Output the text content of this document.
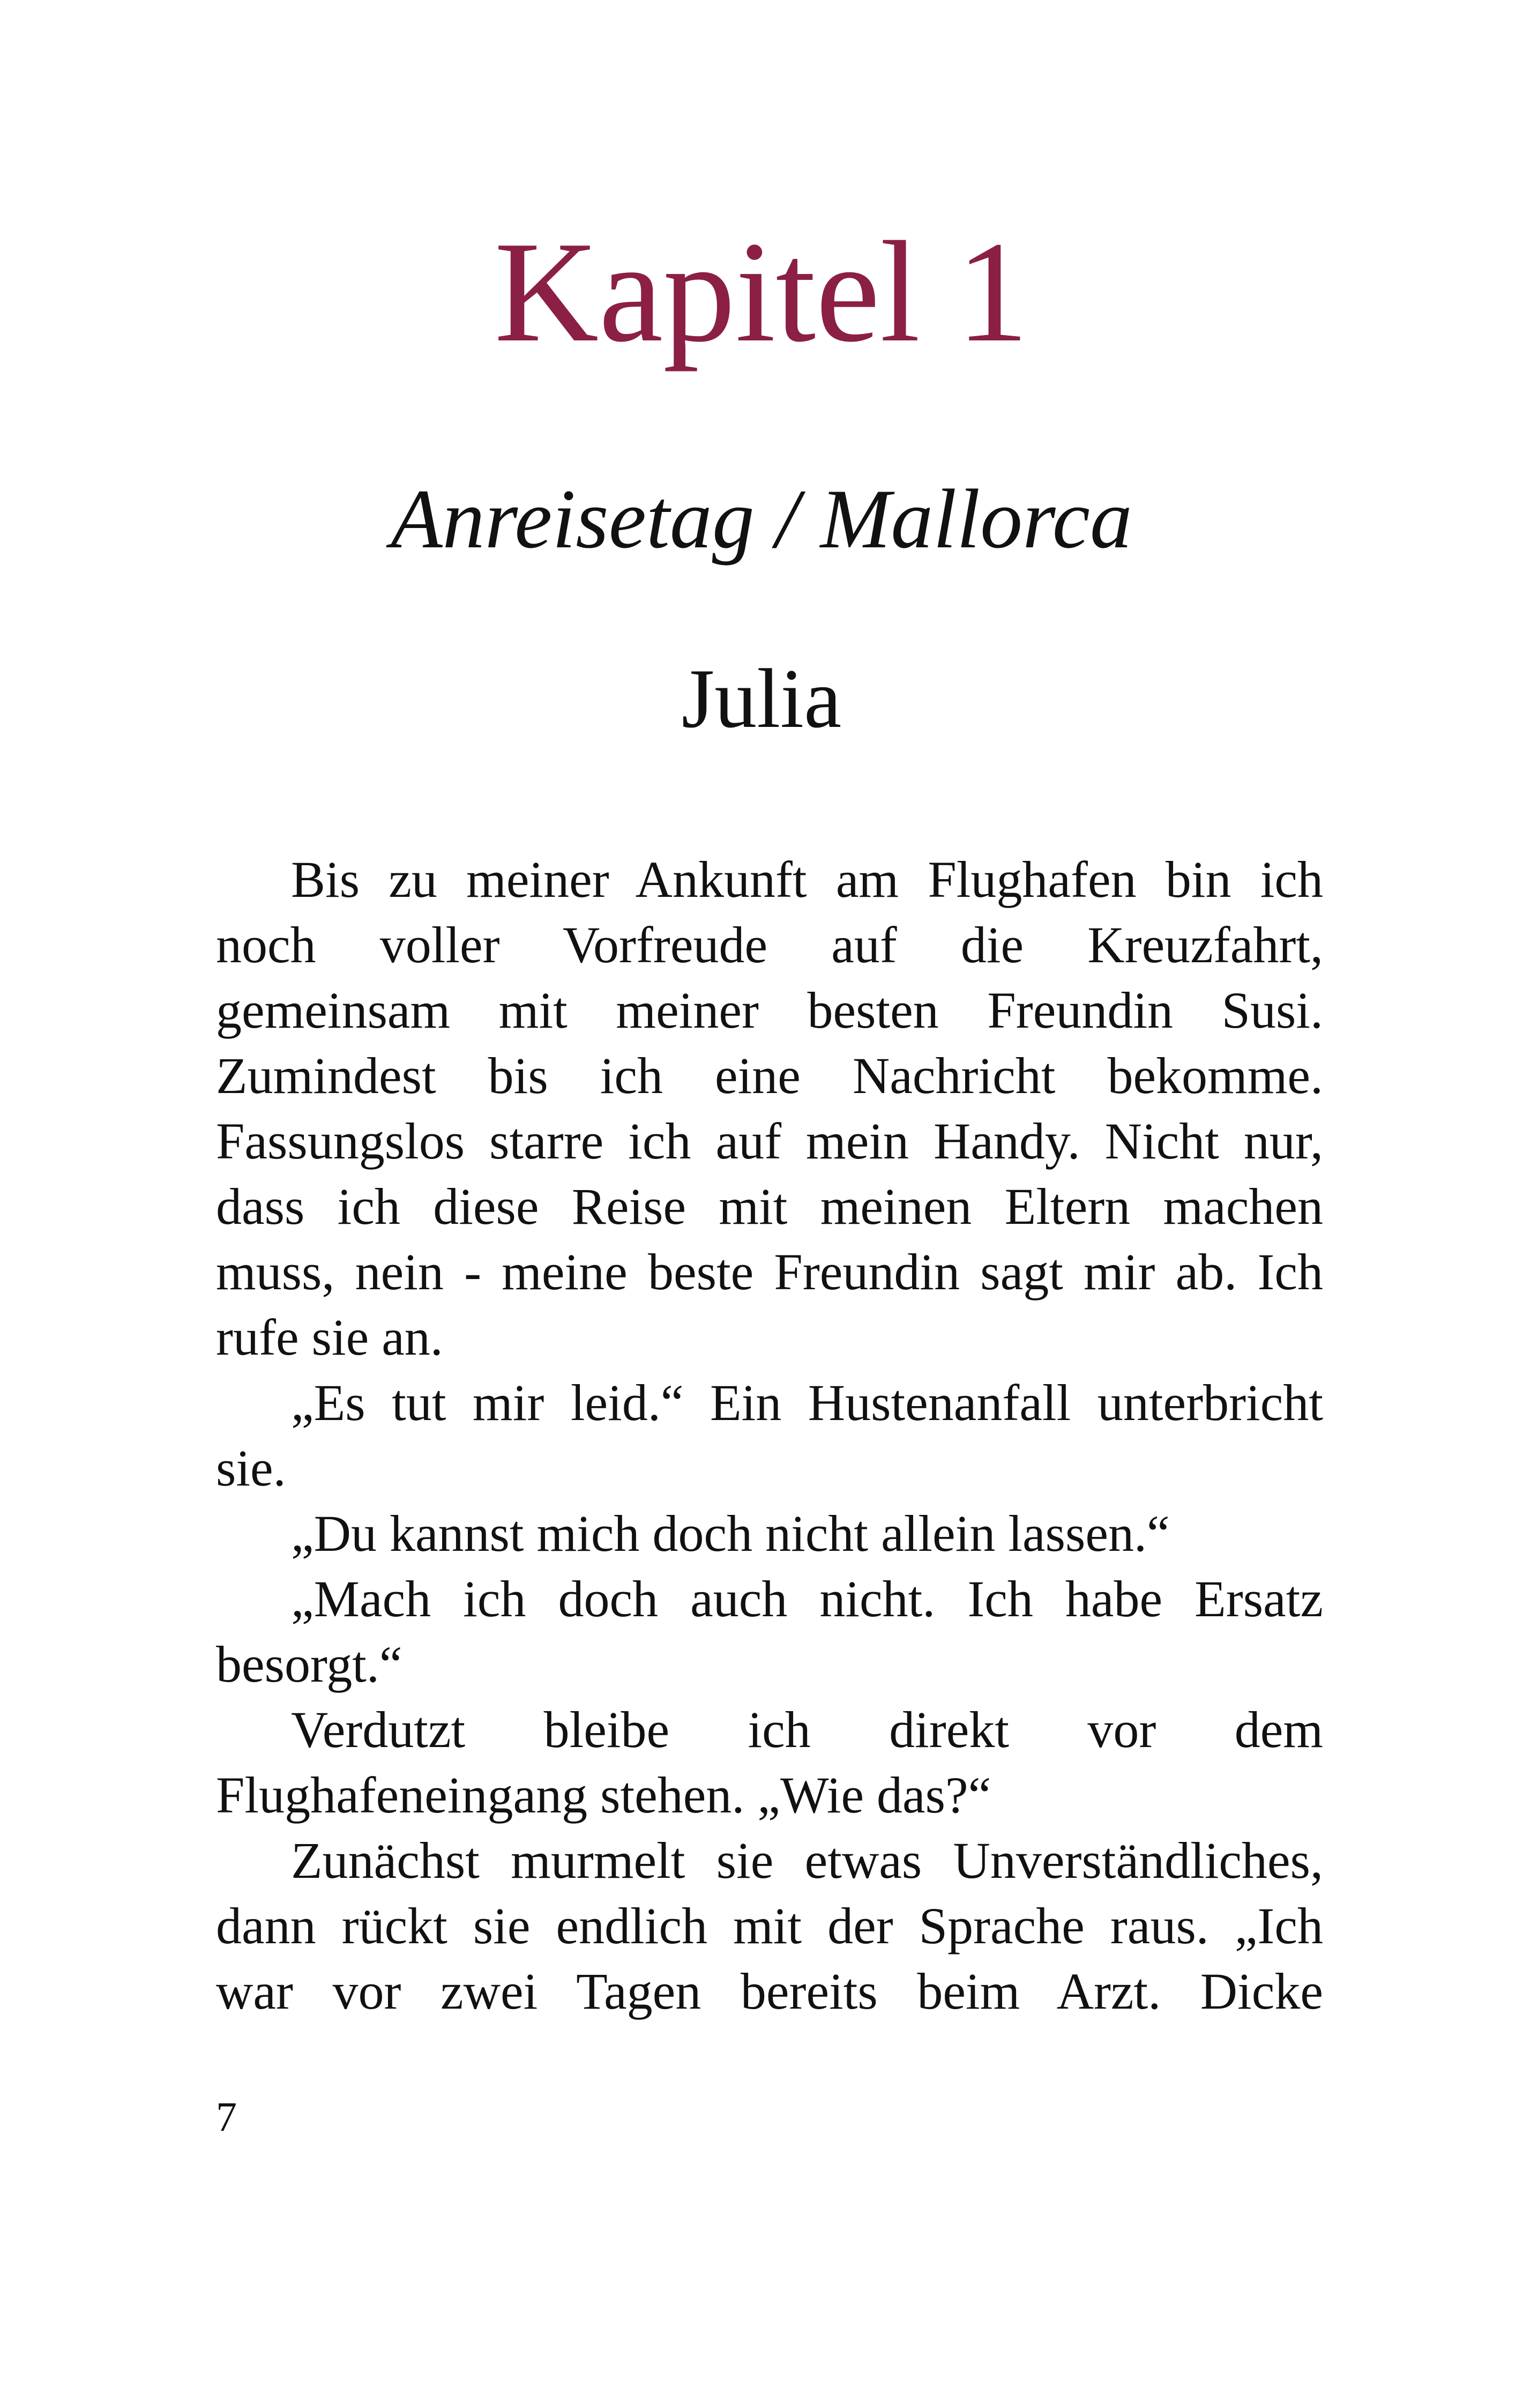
Kapitel 1
Anreisetag / Mallorca
Julia
Bis zu meiner Ankunft am Flughafen bin ich
noch voller Vorfreude auf die Kreuzfahrt,
gemeinsam mit meiner besten Freundin Susi.
Zumindest bis ich eine Nachricht bekomme.
Fassungslos starre ich auf mein Handy. Nicht nur,
dass ich diese Reise mit meinen Eltern machen
muss, nein - meine beste Freundin sagt mir ab. Ich
rufe sie an.
„Es tut mir leid.“ Ein Hustenanfall unterbricht
sie.
„Du kannst mich doch nicht allein lassen.“
„Mach ich doch auch nicht. Ich habe Ersatz
besorgt.“
Verdutzt bleibe ich direkt vor dem
Flughafeneingang stehen. „Wie das?“
Zunächst murmelt sie etwas Unverständliches,
dann rückt sie endlich mit der Sprache raus. „Ich
war vor zwei Tagen bereits beim Arzt. Dicke
7
